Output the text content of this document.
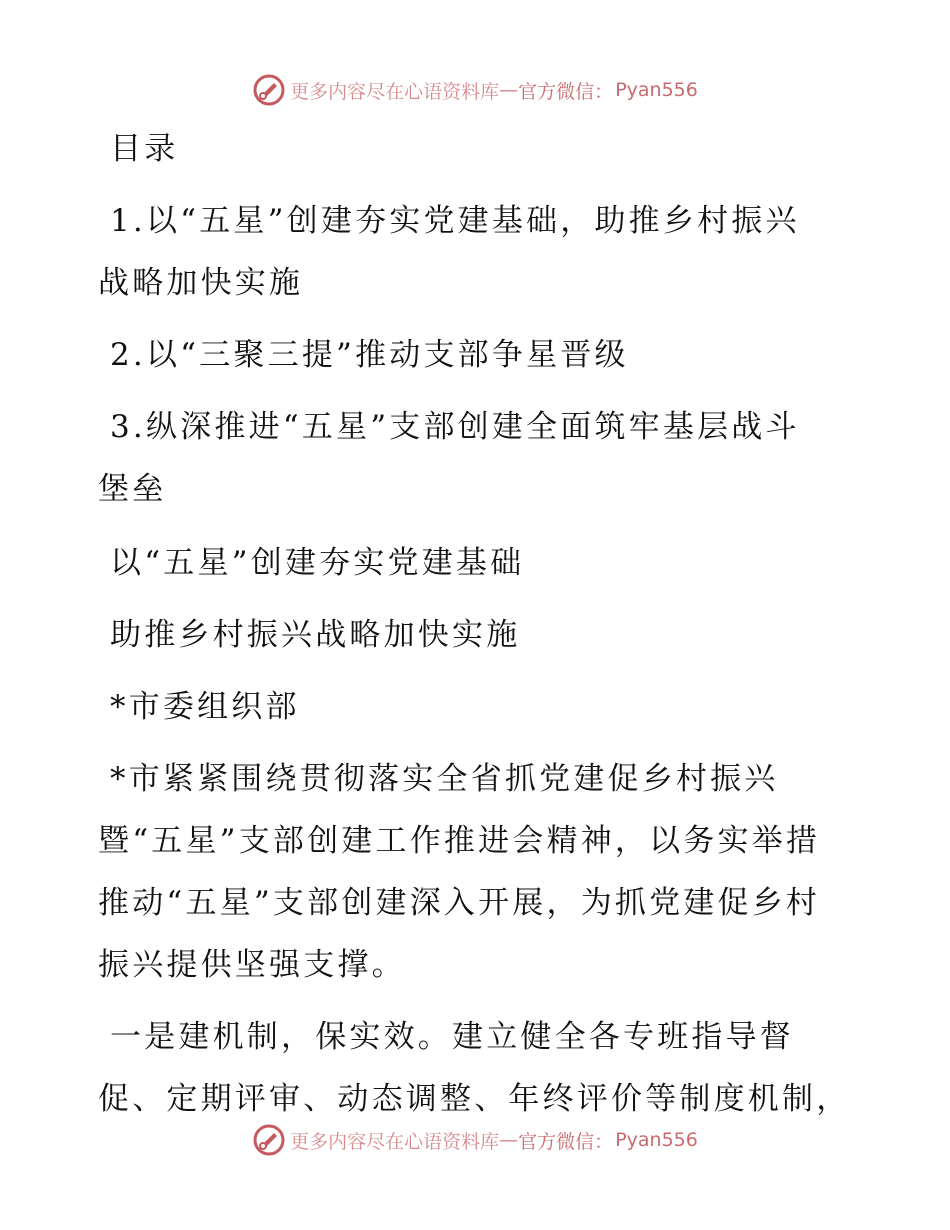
更多内容尽在心语资料库 — 官方微信： Pyan556
目录
1.以“五星”创建夯实党建基础，助推乡村振兴
战略加快实施
2.以“三聚三提”推动支部争星晋级
3.纵深推进“五星”支部创建全面筑牢基层战斗
堡垒
以“五星”创建夯实党建基础
助推乡村振兴战略加快实施
*市委组织部
*市紧紧围绕贯彻落实全省抓党建促乡村振兴
暨“五星”支部创建工作推进会精神，以务实举措
推动“五星”支部创建深入开展，为抓党建促乡村
振兴提供坚强支撑。
一是建机制，保实效。建立健全各专班指导督
促、定期评审、动态调整、年终评价等制度机制，
更多内容尽在心语资料库 — 官方微信： Pyan556
